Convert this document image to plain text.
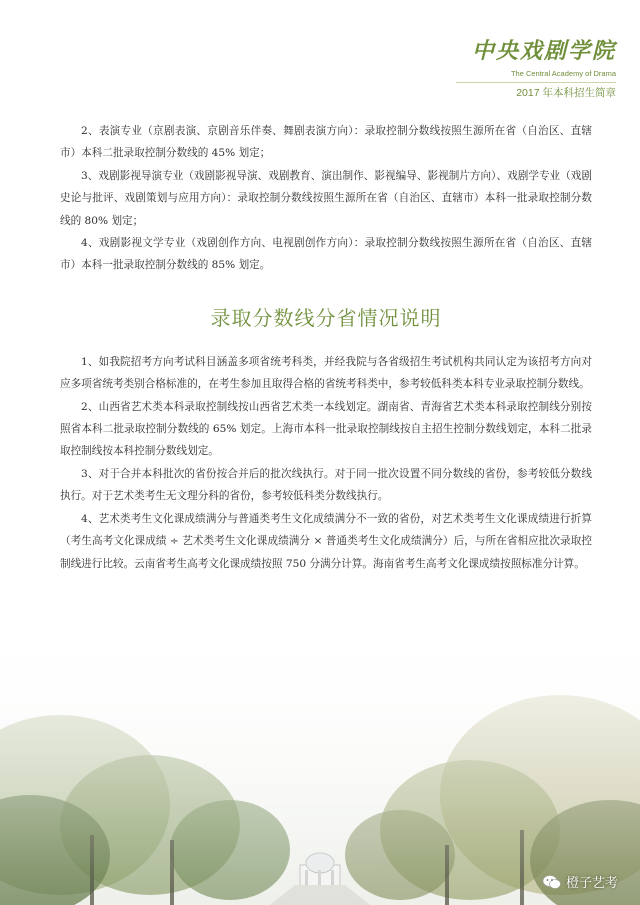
中央戏剧学院
The Central Academy of Drama
2017 年本科招生简章

2、表演专业（京剧表演、京剧音乐伴奏、舞剧表演方向）：录取控制分数线按照生源所在省（自治区、直辖市）本科二批录取控制分数线的 45% 划定；

3、戏剧影视导演专业（戏剧影视导演、戏剧教育、演出制作、影视编导、影视制片方向）、戏剧学专业（戏剧史论与批评、戏剧策划与应用方向）：录取控制分数线按照生源所在省（自治区、直辖市）本科一批录取控制分数线的 80% 划定；

4、戏剧影视文学专业（戏剧创作方向、电视剧创作方向）：录取控制分数线按照生源所在省（自治区、直辖市）本科一批录取控制分数线的 85% 划定。

录取分数线分省情况说明

1、如我院招考方向考试科目涵盖多项省统考科类，并经我院与各省级招生考试机构共同认定为该招考方向对应多项省统考类别合格标准的，在考生参加且取得合格的省统考科类中，参考较低科类本科专业录取控制分数线。

2、山西省艺术类本科录取控制线按山西省艺术类一本线划定。湖南省、青海省艺术类本科录取控制线分别按照省本科二批录取控制分数线的 65% 划定。上海市本科一批录取控制线按自主招生控制分数线划定，本科二批录取控制线按本科控制分数线划定。

3、对于合并本科批次的省份按合并后的批次线执行。对于同一批次设置不同分数线的省份，参考较低分数线执行。对于艺术类考生无文理分科的省份，参考较低科类分数线执行。

4、艺术类考生文化课成绩满分与普通类考生文化成绩满分不一致的省份，对艺术类考生文化课成绩进行折算（考生高考文化课成绩 ÷ 艺术类考生文化课成绩满分 × 普通类考生文化成绩满分）后，与所在省相应批次录取控制线进行比较。云南省考生高考文化课成绩按照 750 分满分计算。海南省考生高考文化课成绩按照标准分计算。

橙子艺考
